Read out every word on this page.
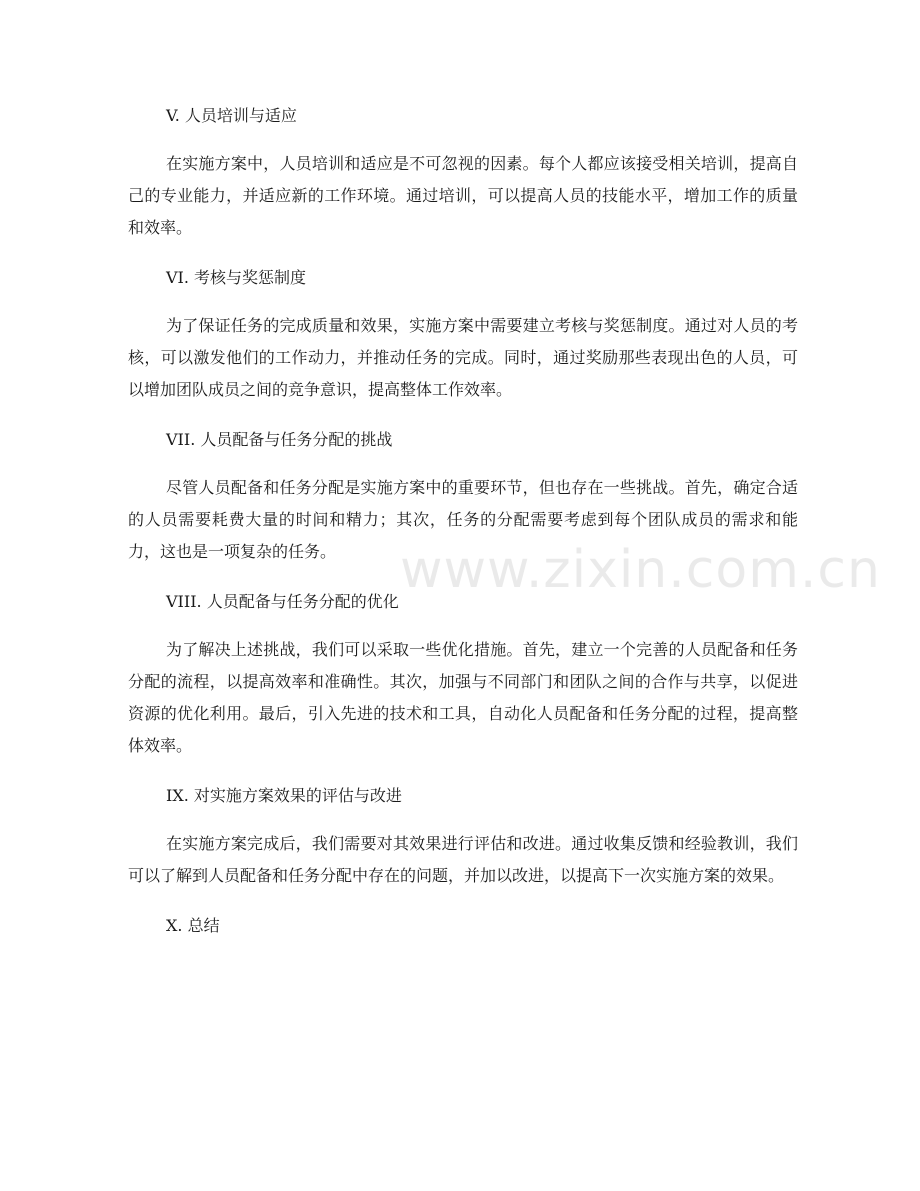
V. 人员培训与适应

在实施方案中，人员培训和适应是不可忽视的因素。每个人都应该接受相关培训，提高自己的专业能力，并适应新的工作环境。通过培训，可以提高人员的技能水平，增加工作的质量和效率。

VI. 考核与奖惩制度

为了保证任务的完成质量和效果，实施方案中需要建立考核与奖惩制度。通过对人员的考核，可以激发他们的工作动力，并推动任务的完成。同时，通过奖励那些表现出色的人员，可以增加团队成员之间的竞争意识，提高整体工作效率。

VII. 人员配备与任务分配的挑战

尽管人员配备和任务分配是实施方案中的重要环节，但也存在一些挑战。首先，确定合适的人员需要耗费大量的时间和精力；其次，任务的分配需要考虑到每个团队成员的需求和能力，这也是一项复杂的任务。

VIII. 人员配备与任务分配的优化

为了解决上述挑战，我们可以采取一些优化措施。首先，建立一个完善的人员配备和任务分配的流程，以提高效率和准确性。其次，加强与不同部门和团队之间的合作与共享，以促进资源的优化利用。最后，引入先进的技术和工具，自动化人员配备和任务分配的过程，提高整体效率。

IX. 对实施方案效果的评估与改进

在实施方案完成后，我们需要对其效果进行评估和改进。通过收集反馈和经验教训，我们可以了解到人员配备和任务分配中存在的问题，并加以改进，以提高下一次实施方案的效果。

X. 总结
www.zixin.com.cn
